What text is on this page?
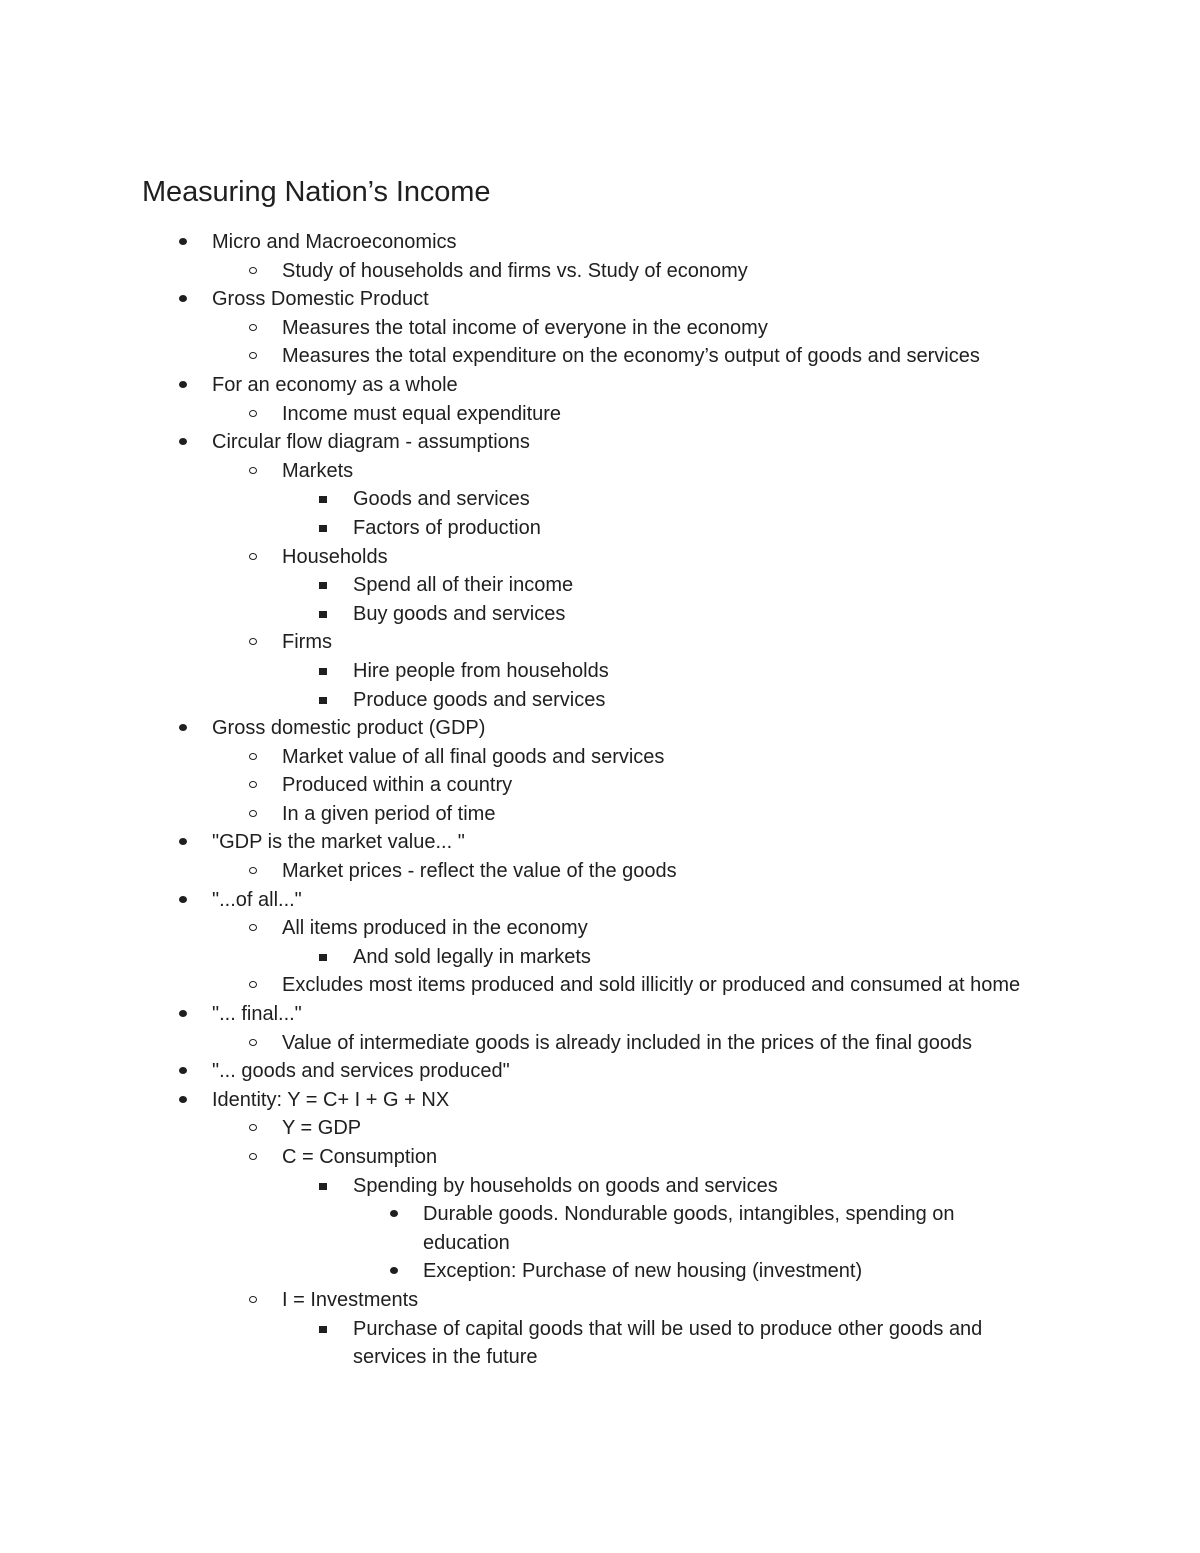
Measuring Nation’s Income
Micro and Macroeconomics
Study of households and firms vs. Study of economy
Gross Domestic Product
Measures the total income of everyone in the economy
Measures the total expenditure on the economy’s output of goods and services
For an economy as a whole
Income must equal expenditure
Circular flow diagram - assumptions
Markets
Goods and services
Factors of production
Households
Spend all of their income
Buy goods and services
Firms
Hire people from households
Produce goods and services
Gross domestic product (GDP)
Market value of all final goods and services
Produced within a country
In a given period of time
"GDP is the market value... "
Market prices - reflect the value of the goods
"...of all..."
All items produced in the economy
And sold legally in markets
Excludes most items produced and sold illicitly or produced and consumed at home
"... final..."
Value of intermediate goods is already included in the prices of the final goods
"... goods and services produced"
Identity: Y = C+ I + G + NX
Y = GDP
C = Consumption
Spending by households on goods and services
Durable goods. Nondurable goods, intangibles, spending on education
Exception: Purchase of new housing (investment)
I = Investments
Purchase of capital goods that will be used to produce other goods and services in the future
